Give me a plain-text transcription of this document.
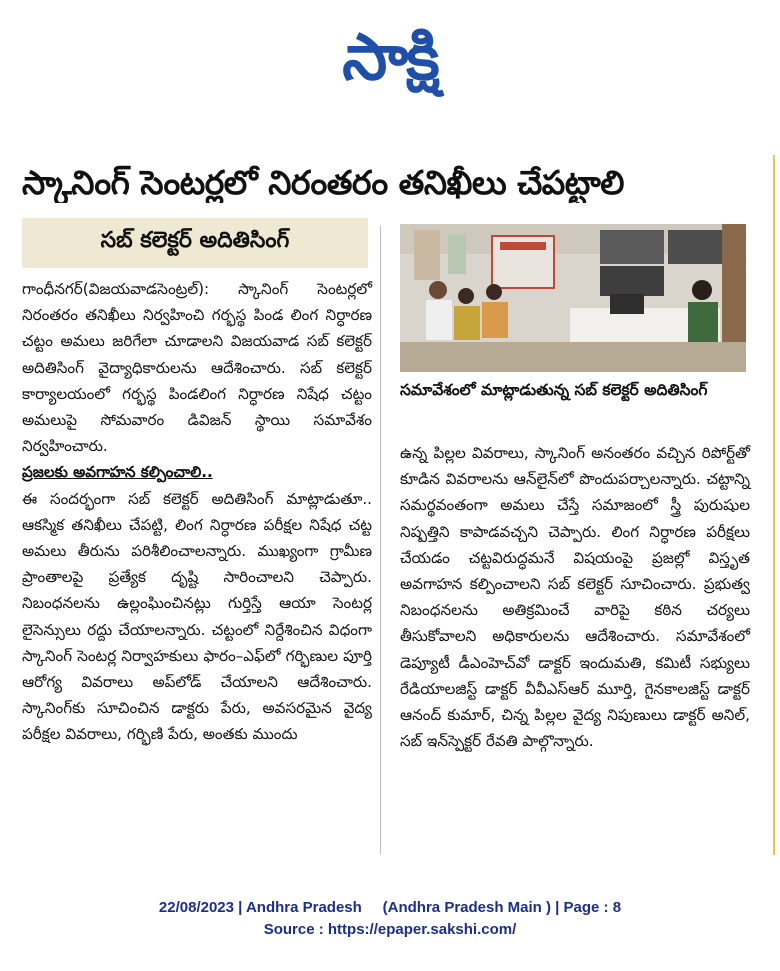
సాక్షి
స్కానింగ్ సెంటర్లలో నిరంతరం తనిఖీలు చేపట్టాలి
సబ్ కలెక్టర్ అదితిసింగ్

గాంధీనగర్(విజయవాడసెంట్రల్): స్కానింగ్ సెంటర్లలో నిరంతరం తనిఖీలు నిర్వహించి గర్భస్థ పిండ లింగ నిర్ధారణ చట్టం అమలు జరిగేలా చూడాలని విజయవాడ సబ్ కలెక్టర్ అదితిసింగ్ వైద్యాధికారులను ఆదేశించారు. సబ్ కలెక్టర్ కార్యాలయంలో గర్భస్థ పిండలింగ నిర్ధారణ నిషేధ చట్టం అమలుపై సోమవారం డివిజన్ స్థాయి సమావేశం నిర్వహించారు.

ప్రజలకు అవగాహన కల్పించాలి..

ఈ సందర్భంగా సబ్ కలెక్టర్ అదితిసింగ్ మాట్లాడుతూ.. ఆకస్మిక తనిఖీలు చేపట్టి, లింగ నిర్ధారణ పరీక్షల నిషేధ చట్ట అమలు తీరును పరిశీలించాలన్నారు. ముఖ్యంగా గ్రామీణ ప్రాంతాలపై ప్రత్యేక దృష్టి సారించాలని చెప్పారు. నిబంధనలను ఉల్లంఘించినట్లు గుర్తిస్తే ఆయా సెంటర్ల లైసెన్సులు రద్దు చేయాలన్నారు. చట్టంలో నిర్దేశించిన విధంగా స్కానింగ్ సెంటర్ల నిర్వాహకులు ఫారం–ఎఫ్‌లో గర్భిణుల పూర్తి ఆరోగ్య వివరాలు అప్‌లోడ్ చేయాలని ఆదేశించారు. స్కానింగ్‌కు సూచించిన డాక్టరు పేరు, అవసరమైన వైద్య పరీక్షల వివరాలు, గర్భిణి పేరు, అంతకు ముందు

సమావేశంలో మాట్లాడుతున్న సబ్ కలెక్టర్ అదితిసింగ్

ఉన్న పిల్లల వివరాలు, స్కానింగ్ అనంతరం వచ్చిన రిపోర్ట్‌తో కూడిన వివరాలను ఆన్‌లైన్‌లో పొందుపర్చాలన్నారు. చట్టాన్ని సమర్థవంతంగా అమలు చేస్తే సమాజంలో స్త్రీ పురుషుల నిష్పత్తిని కాపాడవచ్చని చెప్పారు. లింగ నిర్ధారణ పరీక్షలు చేయడం చట్టవిరుద్ధమనే విషయంపై ప్రజల్లో విస్తృత అవగాహన కల్పించాలని సబ్ కలెక్టర్ సూచించారు. ప్రభుత్వ నిబంధనలను అతిక్రమించే వారిపై కఠిన చర్యలు తీసుకోవాలని అధికారులను ఆదేశించారు. సమావేశంలో డెప్యూటీ డీఎంహెచ్‌వో డాక్టర్ ఇందుమతి, కమిటీ సభ్యులు రేడియాలజిస్ట్ డాక్టర్ వీవీఎస్ఆర్ మూర్తి, గైనకాలజిస్ట్ డాక్టర్ ఆనంద్ కుమార్, చిన్న పిల్లల వైద్య నిపుణులు డాక్టర్ అనిల్, సబ్ ఇన్‌స్పెక్టర్ రేవతి పాల్గొన్నారు.

22/08/2023 | Andhra Pradesh     (Andhra Pradesh Main ) | Page : 8
Source : https://epaper.sakshi.com/
